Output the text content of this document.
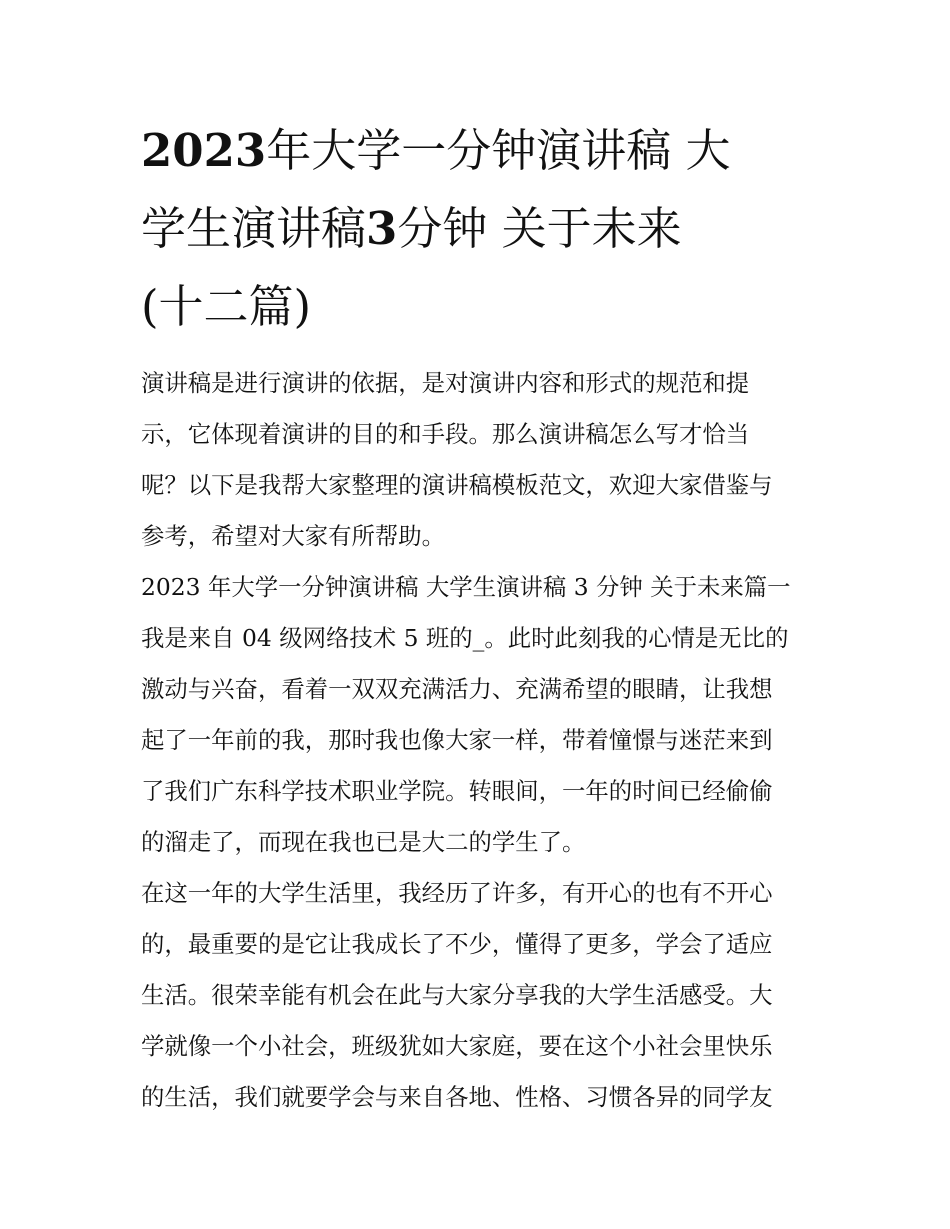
2023年大学一分钟演讲稿 大
学生演讲稿3分钟 关于未来
(十二篇)

演讲稿是进行演讲的依据，是对演讲内容和形式的规范和提
示，它体现着演讲的目的和手段。那么演讲稿怎么写才恰当
呢？以下是我帮大家整理的演讲稿模板范文，欢迎大家借鉴与
参考，希望对大家有所帮助。

2023 年大学一分钟演讲稿 大学生演讲稿 3 分钟 关于未来篇一

我是来自 04 级网络技术 5 班的_。此时此刻我的心情是无比的
激动与兴奋，看着一双双充满活力、充满希望的眼睛，让我想
起了一年前的我，那时我也像大家一样，带着憧憬与迷茫来到
了我们广东科学技术职业学院。转眼间，一年的时间已经偷偷
的溜走了，而现在我也已是大二的学生了。

在这一年的大学生活里，我经历了许多，有开心的也有不开心
的，最重要的是它让我成长了不少，懂得了更多，学会了适应
生活。很荣幸能有机会在此与大家分享我的大学生活感受。大
学就像一个小社会，班级犹如大家庭，要在这个小社会里快乐
的生活，我们就要学会与来自各地、性格、习惯各异的同学友
